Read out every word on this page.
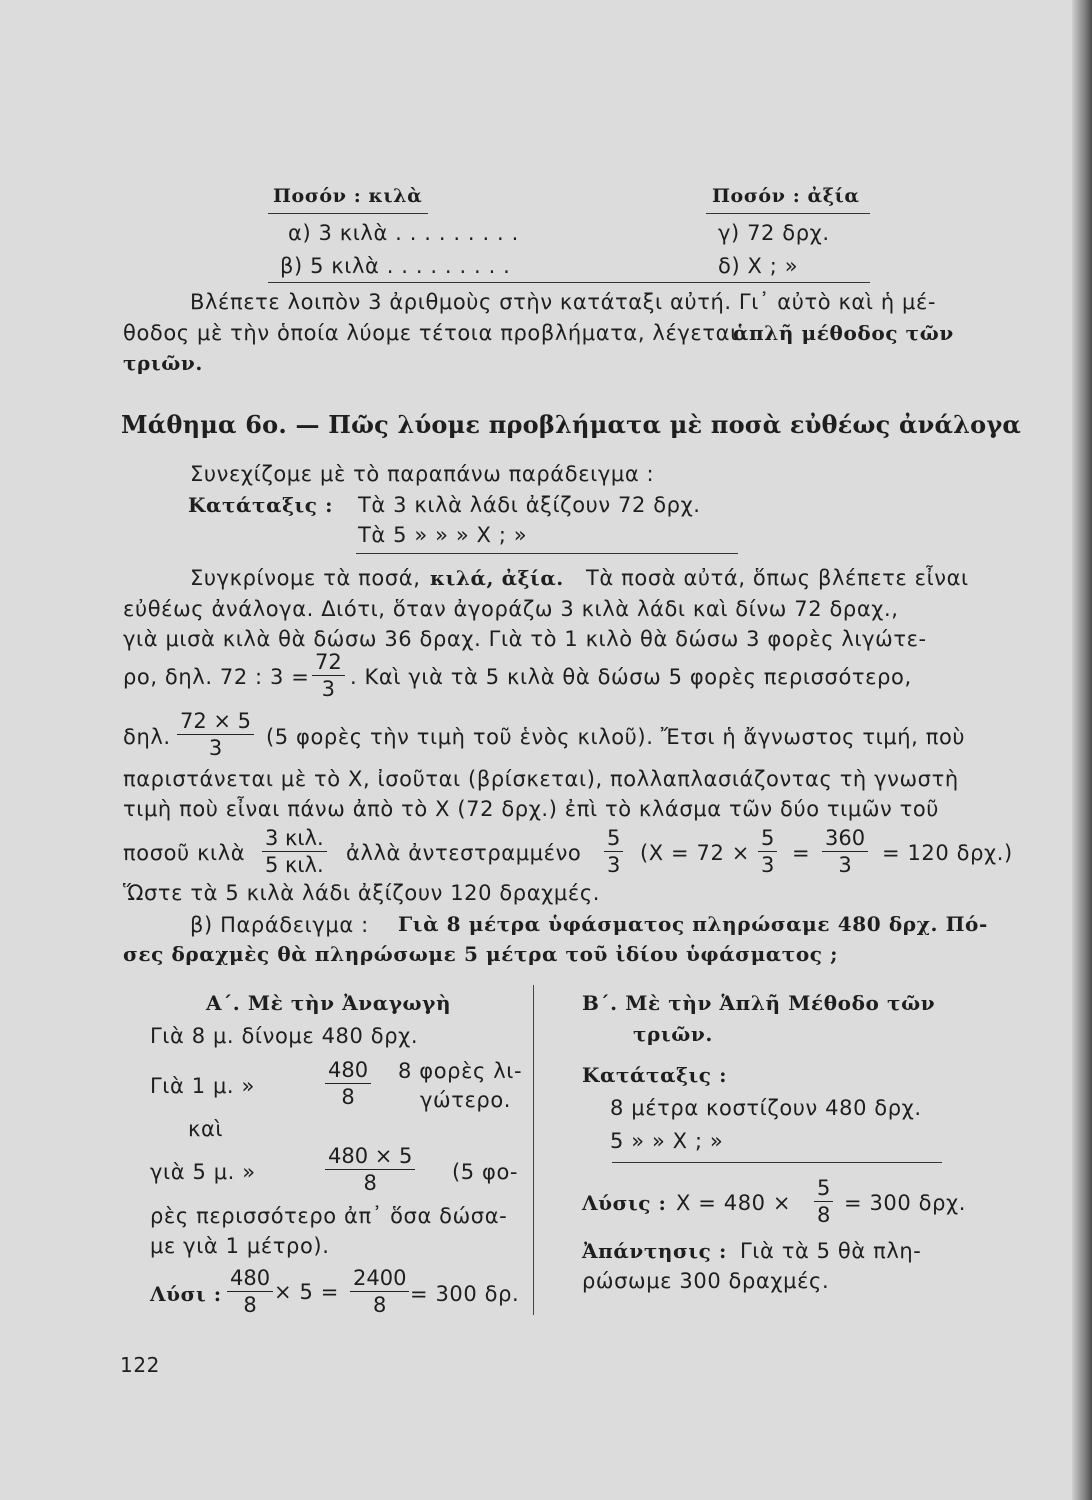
Ποσόν : κιλὰ	Ποσόν : ἀξία
α) 3 κιλὰ . . . . . . . . .	γ) 72 δρχ.
β) 5 κιλὰ . . . . . . . . .	δ) Χ ; »
Βλέπετε λοιπὸν 3 ἀριθμοὺς στὴν κατάταξι αὐτή. Γι᾽ αὐτὸ καὶ ἡ μέ-
θοδος μὲ τὴν ὁποία λύομε τέτοια προβλήματα, λέγεται
ἁπλῆ μέθοδος τῶν
τριῶν.
Μάθημα 6ο. — Πῶς λύομε προβλήματα μὲ ποσὰ εὐθέως ἀνάλογα
Συνεχίζομε μὲ τὸ παραπάνω παράδειγμα :
Κατάταξις : Τὰ 3 κιλὰ λάδι ἀξίζουν 72 δρχ.
Τὰ 5 » » » Χ ; »
Συγκρίνομε τὰ ποσά, κιλά, ἀξία. Τὰ ποσὰ αὐτά, ὅπως βλέπετε εἶναι
εὐθέως ἀνάλογα. Διότι, ὅταν ἀγοράζω 3 κιλὰ λάδι καὶ δίνω 72 δραχ.,
γιὰ μισὰ κιλὰ θὰ δώσω 36 δραχ. Γιὰ τὸ 1 κιλὸ θὰ δώσω 3 φορὲς λιγώτε-
ρο, δηλ. 72 : $3 = \frac{72}{3}$ . Καὶ γιὰ τὰ 5 κιλὰ θὰ δώσω 5 φορὲς περισσότερο,
δηλ. $\frac{72 \times 5}{3} (5$ φορὲς τὴν τιμὴ τοῦ ἑνὸς κιλοῦ). Ἔτσι ἡ ἄγνωστος τιμή, ποὺ
παριστάνεται μὲ τὸ Χ, ἰσοῦται (βρίσκεται), πολλαπλασιάζοντας τὴ γνωστὴ
τιμὴ ποὺ εἶναι πάνω ἀπὸ τὸ Χ (72 δρχ.) ἐπὶ τὸ κλάσμα τῶν δύο τιμῶν τοῦ
ποσοῦ κιλὰ
3 κιλ.
5 κιλ. ἀλλὰ ἀντεστραμμένο $\frac{5}{3} (X = 72 \times \frac{5}{3} = \frac{360}{3} = 120$ δρχ.)
Ὥστε τὰ 5 κιλὰ λάδι ἀξίζουν 120 δραχμές.
β) Παράδειγμα : Γιὰ 8 μέτρα ὑφάσματος πληρώσαμε 480 δρχ. Πό-
σες δραχμὲς θὰ πληρώσωμε 5 μέτρα τοῦ ἰδίου ὑφάσματος ;
Α΄. Μὲ τὴν Ἀναγωγὴ
Γιὰ 8 μ. δίνομε 480 δρχ.
Γιὰ 1 μ. »	$\frac{480}{8} 8$ φορὲς λι-
γώτερο.
καὶ
γιὰ 5 μ. »	$\frac{480 \times 5}{8} (5$ φο-
ρὲς περισσότερο ἀπ᾽ ὅσα δώσα-
με γιὰ 1 μέτρο).
Λύσι : $\frac{480}{8} \times 5 = \frac{2400}{8} = 300$ δρ.
Β΄. Μὲ τὴν Ἁπλῆ Μέθοδο τῶν
τριῶν.
Κατάταξις :
8 μέτρα κοστίζουν 480 δρχ.
5 » » Χ ; »
Λύσις : $X = 480 \times \frac{5}{8} = 300$ δρχ.
Ἀπάντησις : Γιὰ τὰ 5 θὰ πλη-
ρώσωμε 300 δραχμές.
122
